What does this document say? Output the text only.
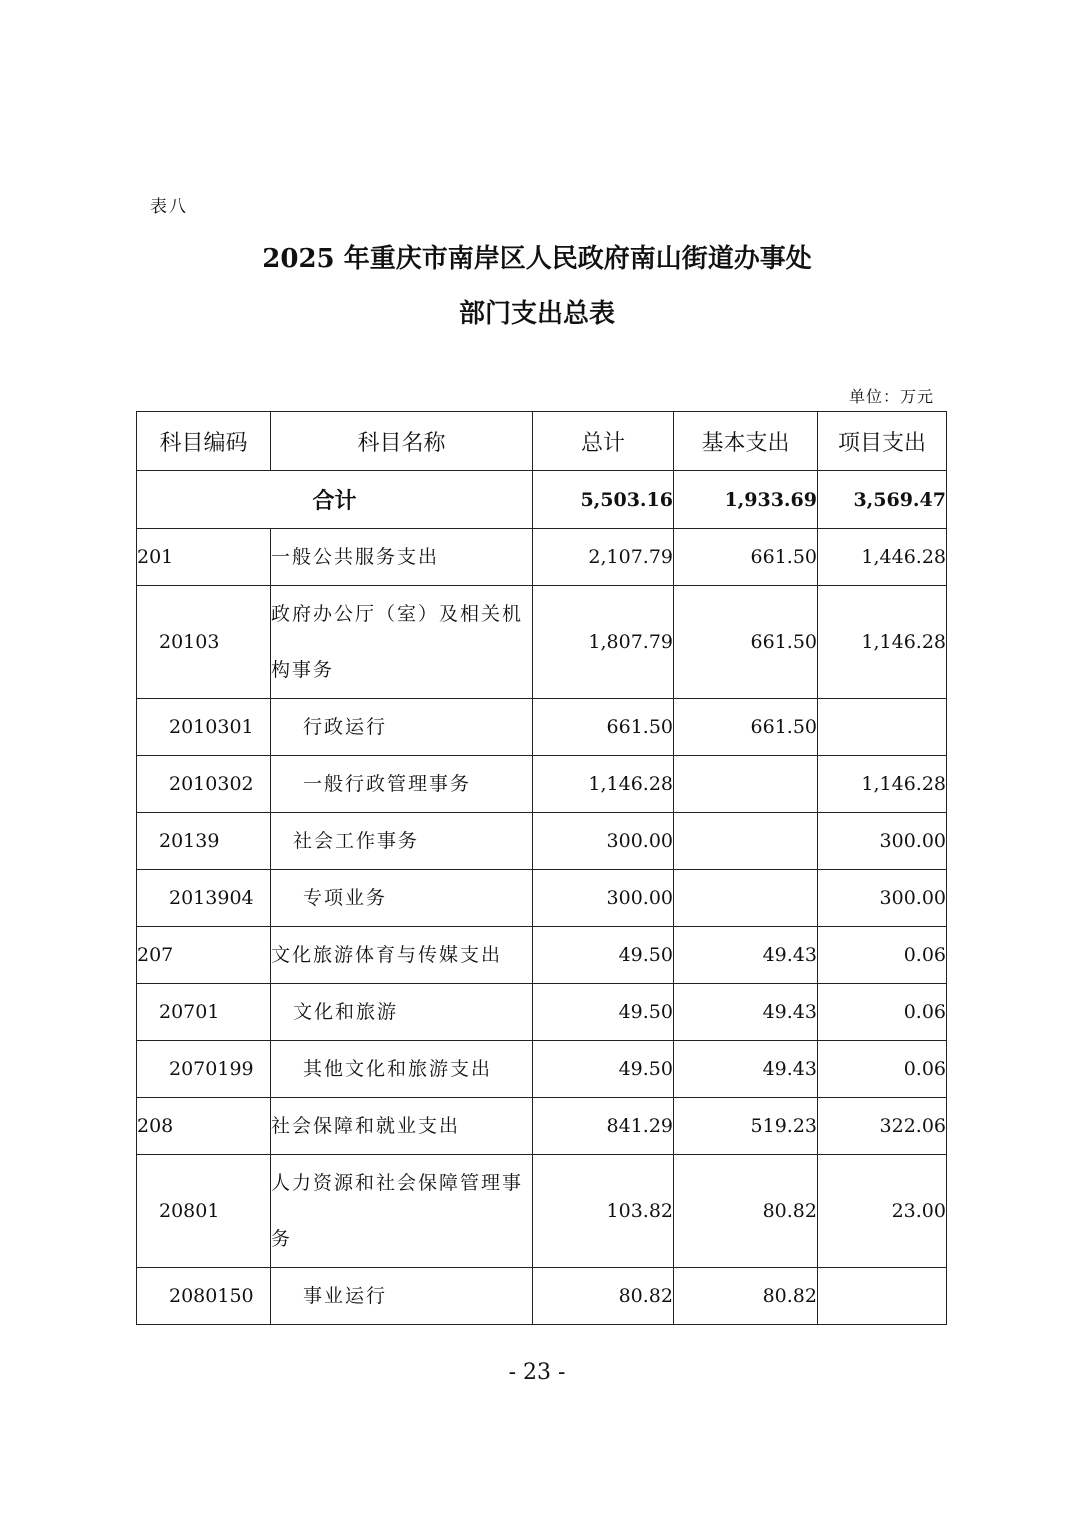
表八
2025 年重庆市南岸区人民政府南山街道办事处
部门支出总表
单位：万元
科目编码	科目名称	总计	基本支出	项目支出
合计		5,503.16	1,933.69	3,569.47
201	一般公共服务支出	2,107.79	661.50	1,446.28
20103	政府办公厅（室）及相关机构事务	1,807.79	661.50	1,146.28
2010301	行政运行	661.50	661.50	
2010302	一般行政管理事务	1,146.28		1,146.28
20139	社会工作事务	300.00		300.00
2013904	专项业务	300.00		300.00
207	文化旅游体育与传媒支出	49.50	49.43	0.06
20701	文化和旅游	49.50	49.43	0.06
2070199	其他文化和旅游支出	49.50	49.43	0.06
208	社会保障和就业支出	841.29	519.23	322.06
20801	人力资源和社会保障管理事务	103.82	80.82	23.00
2080150	事业运行	80.82	80.82	
- 23 -
